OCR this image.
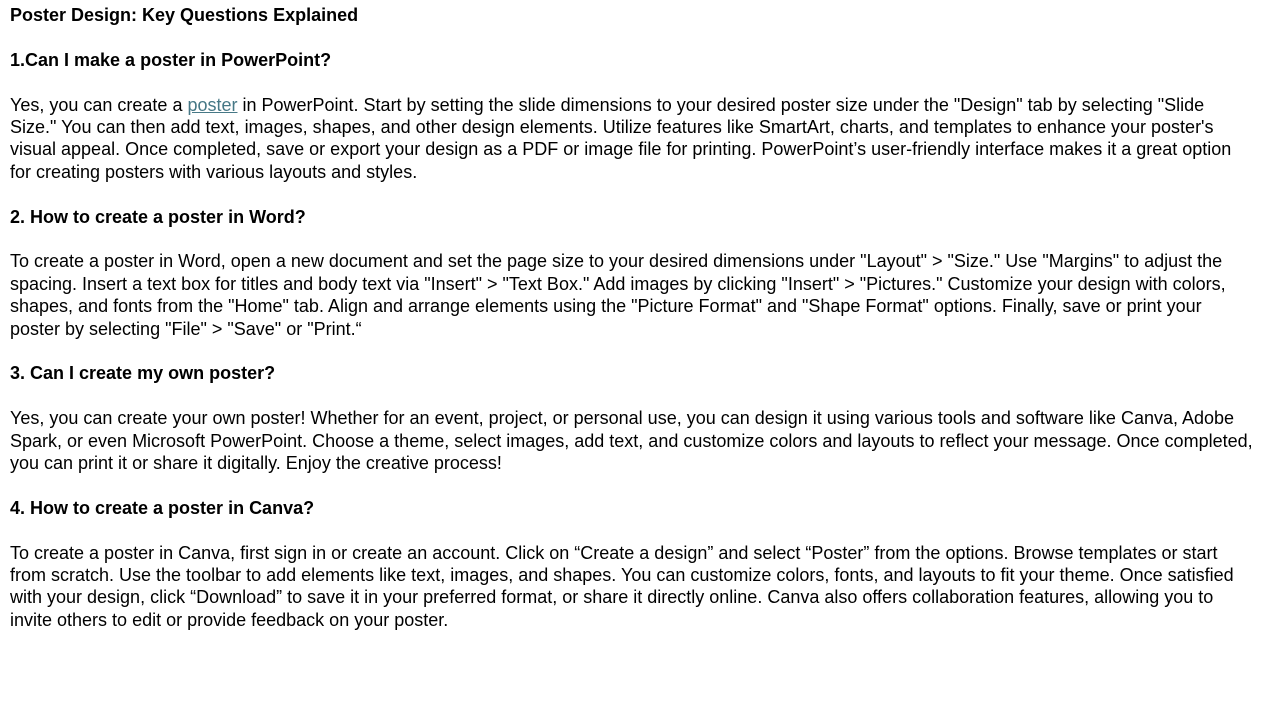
Poster Design: Key Questions Explained
1.Can I make a poster in PowerPoint?

Yes, you can create a poster in PowerPoint. Start by setting the slide dimensions to your desired poster size under the "Design" tab by selecting "Slide Size." You can then add text, images, shapes, and other design elements. Utilize features like SmartArt, charts, and templates to enhance your poster's visual appeal. Once completed, save or export your design as a PDF or image file for printing. PowerPoint’s user-friendly interface makes it a great option for creating posters with various layouts and styles.

2. How to create a poster in Word?

To create a poster in Word, open a new document and set the page size to your desired dimensions under "Layout" > "Size." Use "Margins" to adjust the spacing. Insert a text box for titles and body text via "Insert" > "Text Box." Add images by clicking "Insert" > "Pictures." Customize your design with colors, shapes, and fonts from the "Home" tab. Align and arrange elements using the "Picture Format" and "Shape Format" options. Finally, save or print your poster by selecting "File" > "Save" or "Print.“

3. Can I create my own poster?

Yes, you can create your own poster! Whether for an event, project, or personal use, you can design it using various tools and software like Canva, Adobe Spark, or even Microsoft PowerPoint. Choose a theme, select images, add text, and customize colors and layouts to reflect your message. Once completed, you can print it or share it digitally. Enjoy the creative process!

4. How to create a poster in Canva?

To create a poster in Canva, first sign in or create an account. Click on “Create a design” and select “Poster” from the options. Browse templates or start from scratch. Use the toolbar to add elements like text, images, and shapes. You can customize colors, fonts, and layouts to fit your theme. Once satisfied with your design, click “Download” to save it in your preferred format, or share it directly online. Canva also offers collaboration features, allowing you to invite others to edit or provide feedback on your poster.
